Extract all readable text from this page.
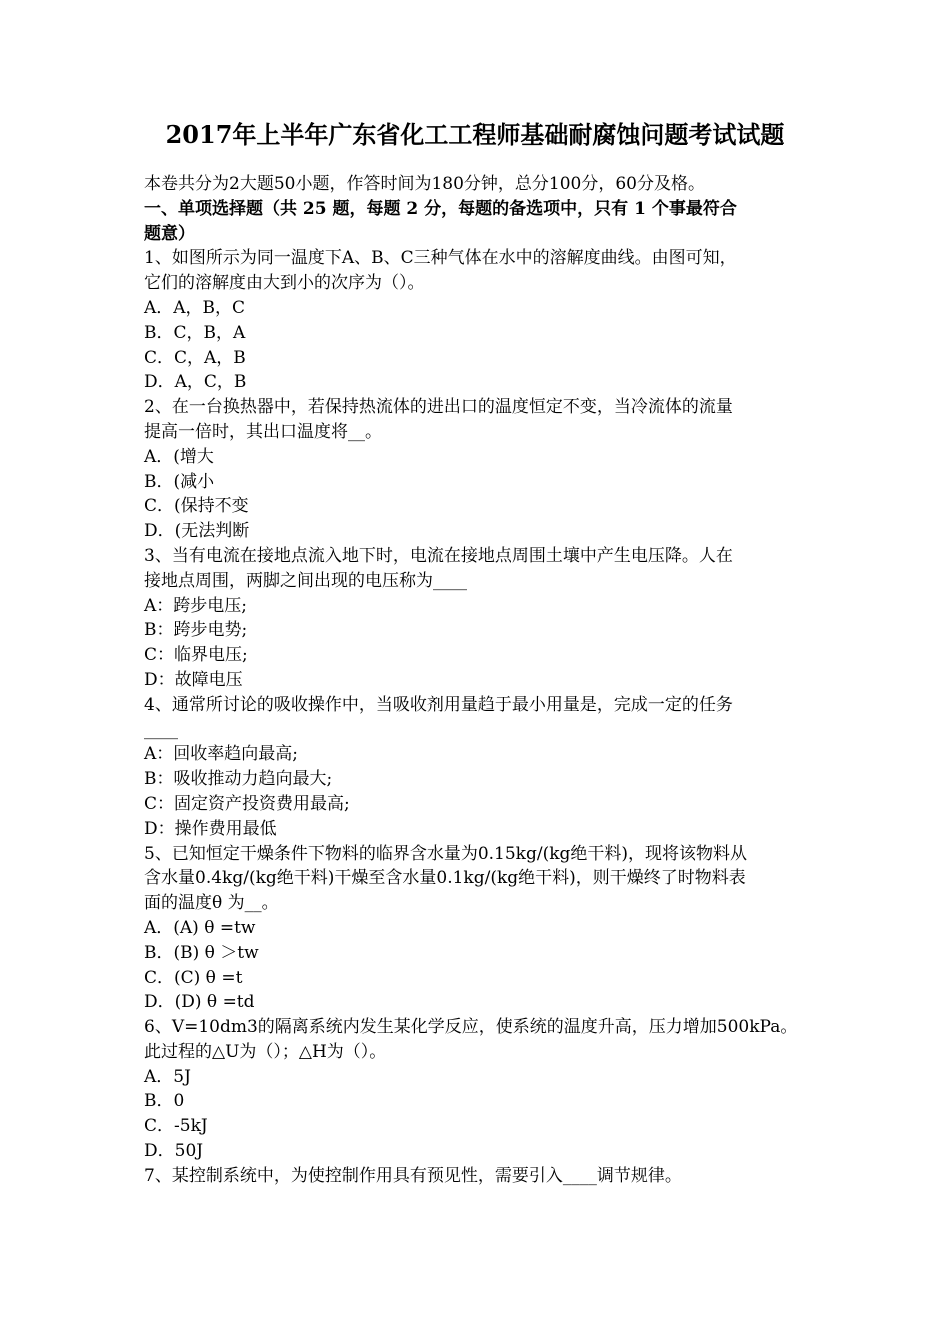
2017年上半年广东省化工工程师基础耐腐蚀问题考试试题
本卷共分为2大题50小题，作答时间为180分钟，总分100分，60分及格。
一、单项选择题（共 25 题，每题 2 分，每题的备选项中，只有 1 个事最符合
题意）
1、如图所示为同一温度下A、B、C三种气体在水中的溶解度曲线。由图可知，
它们的溶解度由大到小的次序为（）。
A．A，B，C
B．C，B，A
C．C，A，B
D．A，C，B
2、在一台换热器中，若保持热流体的进出口的温度恒定不变，当冷流体的流量
提高一倍时，其出口温度将__。
A．(增大
B．(减小
C．(保持不变
D．(无法判断
3、当有电流在接地点流入地下时，电流在接地点周围土壤中产生电压降。人在
接地点周围，两脚之间出现的电压称为____
A：跨步电压;
B：跨步电势;
C：临界电压;
D：故障电压
4、通常所讨论的吸收操作中，当吸收剂用量趋于最小用量是，完成一定的任务
____
A：回收率趋向最高;
B：吸收推动力趋向最大;
C：固定资产投资费用最高;
D：操作费用最低
5、已知恒定干燥条件下物料的临界含水量为0.15kg/(kg绝干料)，现将该物料从
含水量0.4kg/(kg绝干料)干燥至含水量0.1kg/(kg绝干料)，则干燥终了时物料表
面的温度θ 为__。
A．(A) θ =tw
B．(B) θ ＞tw
C．(C) θ =t
D．(D) θ =td
6、V=10dm3的隔离系统内发生某化学反应，使系统的温度升高，压力增加500kPa。
此过程的△U为（）；△H为（）。
A．5J
B．0
C．-5kJ
D．50J
7、某控制系统中，为使控制作用具有预见性，需要引入____调节规律。
